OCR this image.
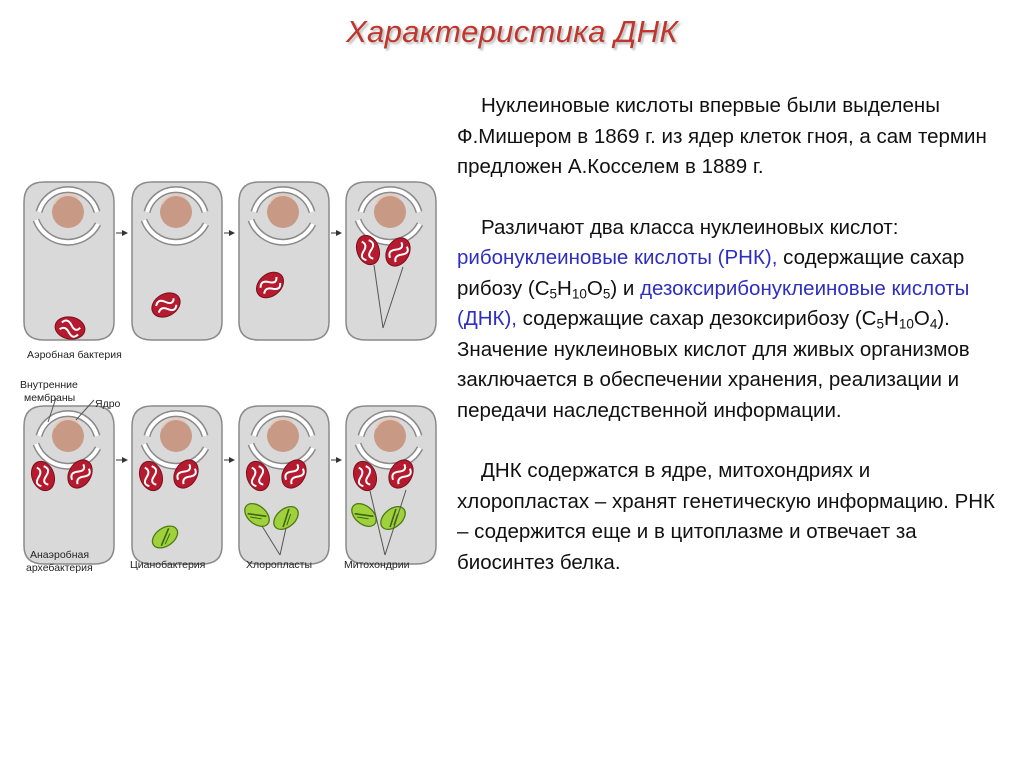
Характеристика ДНК
Аэробная бактерия
Внутренние
мембраны Ядро
Анаэробная
архебактерия	Цианобактерия	Хлоропласты	Митохондрии

Нуклеиновые кислоты впервые были выделены Ф.Мишером в 1869 г. из ядер клеток гноя, а сам термин предложен А.Косселем в 1889 г.

Различают два класса нуклеиновых кислот: рибонуклеиновые кислоты (РНК), содержащие сахар рибозу $(C_5H_{10}O_5)$ и дезоксирибонуклеиновые кислоты (ДНК), содержащие сахар дезоксирибозу $(C_5H_{10}O_4)$. Значение нуклеиновых кислот для живых организмов заключается в обеспечении хранения, реализации и передачи наследственной информации.

ДНК содержатся в ядре, митохондриях и хлоропластах – хранят генетическую информацию. РНК – содержится еще и в цитоплазме и отвечает за биосинтез белка.
